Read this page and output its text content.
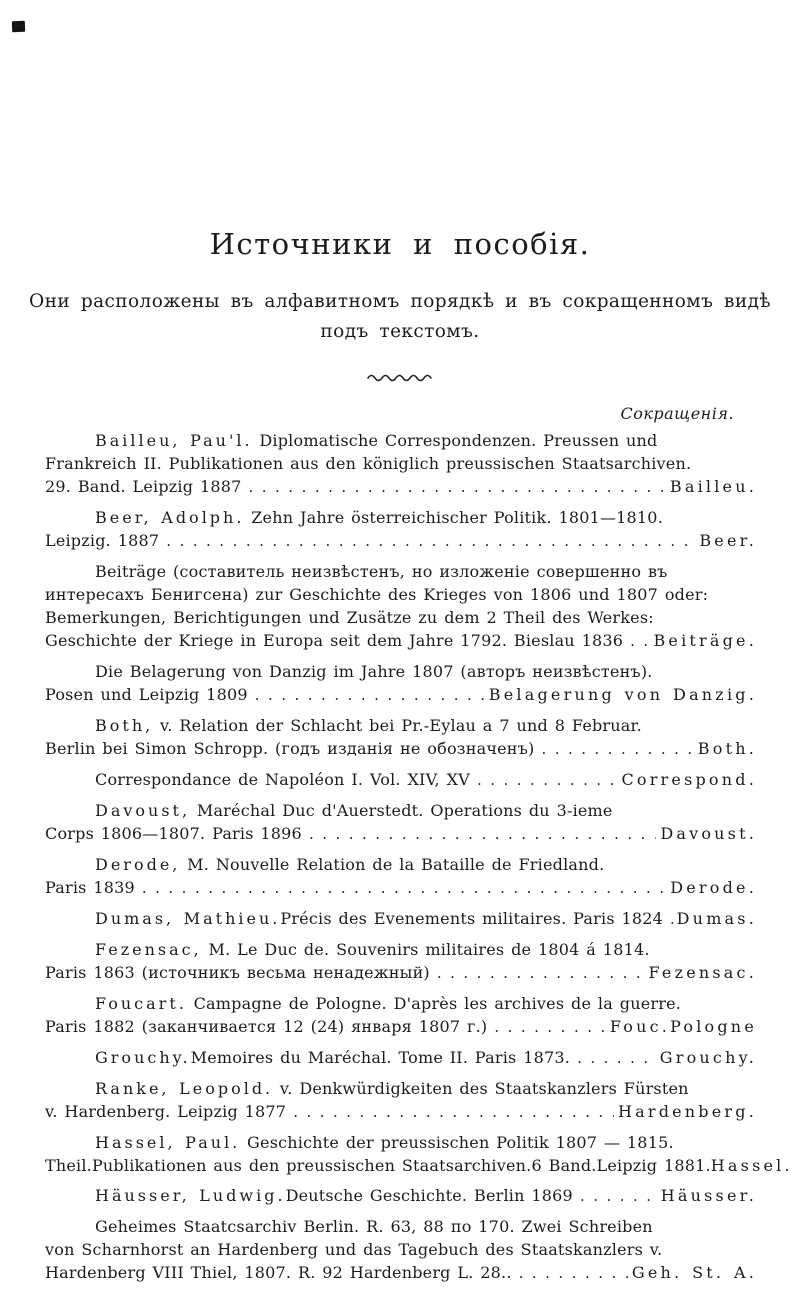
Источники и пособія.
Они расположены въ алфавитномъ порядкѣ и въ сокращенномъ видѣ
подъ текстомъ.
Сокращенія.
Bailleu, Pau'l. Diplomatische Correspondenzen. Preussen und
Frankreich II. Publikationen aus den königlich preussischen Staatsarchiven.
29. Band. Leipzig 1887 .....	Bailleu.
Beer, Adolph. Zehn Jahre österreichischer Politik. 1801—1810.
Leipzig. 1887 .....	Beer.
Beiträge (составитель неизвѣстенъ, но изложеніе совершенно въ
интересахъ Бенигсена) zur Geschichte des Krieges von 1806 und 1807 oder:
Bemerkungen, Berichtigungen und Zusätze zu dem 2 Theil des Werkes:
Geschichte der Kriege in Europa seit dem Jahre 1792. Bieslau 1836 ..... Beiträge.
Die Belagerung von Danzig im Jahre 1807 (авторъ неизвѣстенъ).
Posen und Leipzig 1809 .....	Belagerung von Danzig.
Both, v. Relation der Schlacht bei Pr.-Eylau a 7 und 8 Februar.
Berlin bei Simon Schropp. (годъ изданія не обозначенъ) .....	Both.
Correspondance de Napoléon I. Vol. XIV, XV .....	Correspond.
Davoust, Maréchal Duc d'Auerstedt. Operations du 3-ieme
Corps 1806—1807. Paris 1896 .....	Davoust.
Derode, M. Nouvelle Relation de la Bataille de Friedland.
Paris 1839 .....	Derode.
Dumas, Mathieu. Précis des Evenements militaires. Paris 1824 ..... Dumas.
Fezensac, M. Le Duc de. Souvenirs militaires de 1804 á 1814.
Paris 1863 (источникъ весьма ненадежный) .....	Fezensac.
Foucart. Campagne de Pologne. D'après les archives de la guerre.
Paris 1882 (заканчивается 12 (24) января 1807 г.) .....	Fouc.Pologne
Grouchy. Memoires du Maréchal. Tome II. Paris 1873. .....	Grouchy.
Ranke, Leopold. v. Denkwürdigkeiten des Staatskanzlers Fürsten
v. Hardenberg. Leipzig 1877 .....	Hardenberg.
Hassel, Paul. Geschichte der preussischen Politik 1807 — 1815.
Theil.Publikationen aus den preussischen Staatsarchiven.6 Band.Leipzig 1881. Hassel.
Häusser, Ludwig. Deutsche Geschichte. Berlin 1869 .....	Häusser.
Geheimes Staatcsarchiv Berlin. R. 63, 88 по 170. Zwei Schreiben
von Scharnhorst an Hardenberg und das Tagebuch des Staatskanzlers v.
Hardenberg VIII Thiel, 1807. R. 92 Hardenberg L. 28.. .....	Geh. St. A.
